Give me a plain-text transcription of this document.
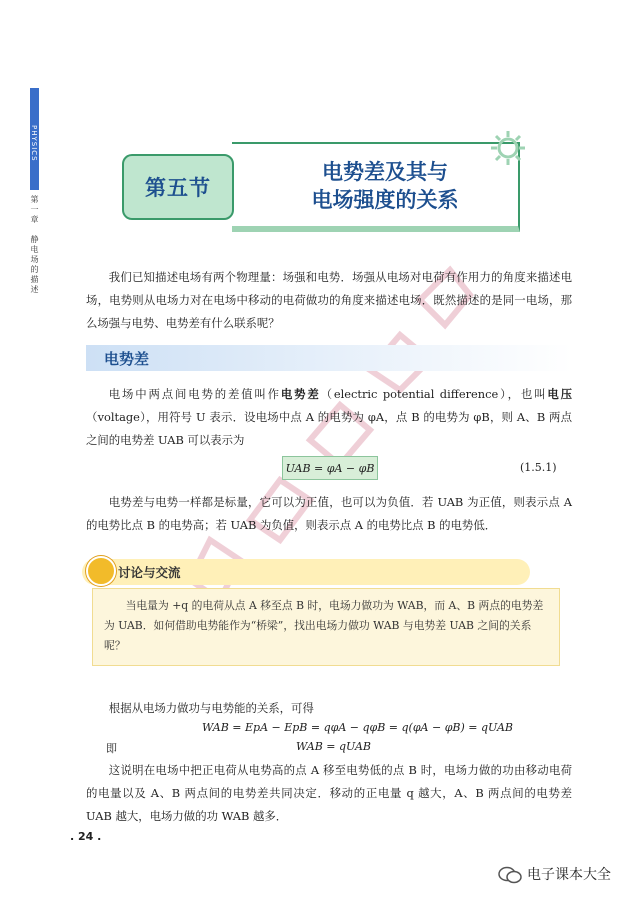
PHYSICS
第一章　静电场的描述
第五节
电势差及其与
电场强度的关系
我们已知描述电场有两个物理量：场强和电势．场强从电场对电荷有作用力的角度来描述电场，电势则从电场力对在电场中移动的电荷做功的角度来描述电场．既然描述的是同一电场，那么场强与电势、电势差有什么联系呢？
电势差
电场中两点间电势的差值叫作电势差（electric potential difference），也叫电压（voltage），用符号 U 表示．设电场中点 A 的电势为 φA，点 B 的电势为 φB，则 A、B 两点之间的电势差 UAB 可以表示为
UAB = φA − φB	(1.5.1)
电势差与电势一样都是标量，它可以为正值，也可以为负值．若 UAB 为正值，则表示点 A 的电势比点 B 的电势高；若 UAB 为负值，则表示点 A 的电势比点 B 的电势低．
讨论与交流
当电量为 +q 的电荷从点 A 移至点 B 时，电场力做功为 WAB，而 A、B 两点的电势差为 UAB．如何借助电势能作为“桥梁”，找出电场力做功 WAB 与电势差 UAB 之间的关系呢？
根据从电场力做功与电势能的关系，可得
WAB = EpA − EpB = qφA − qφB = q(φA − φB) = qUAB
即	WAB = qUAB
这说明在电场中把正电荷从电势高的点 A 移至电势低的点 B 时，电场力做的功由移动电荷的电量以及 A、B 两点间的电势差共同决定．移动的正电量 q 越大，A、B 两点间的电势差 UAB 越大，电场力做的功 WAB 越多．
. 24 .
电子课本大全
